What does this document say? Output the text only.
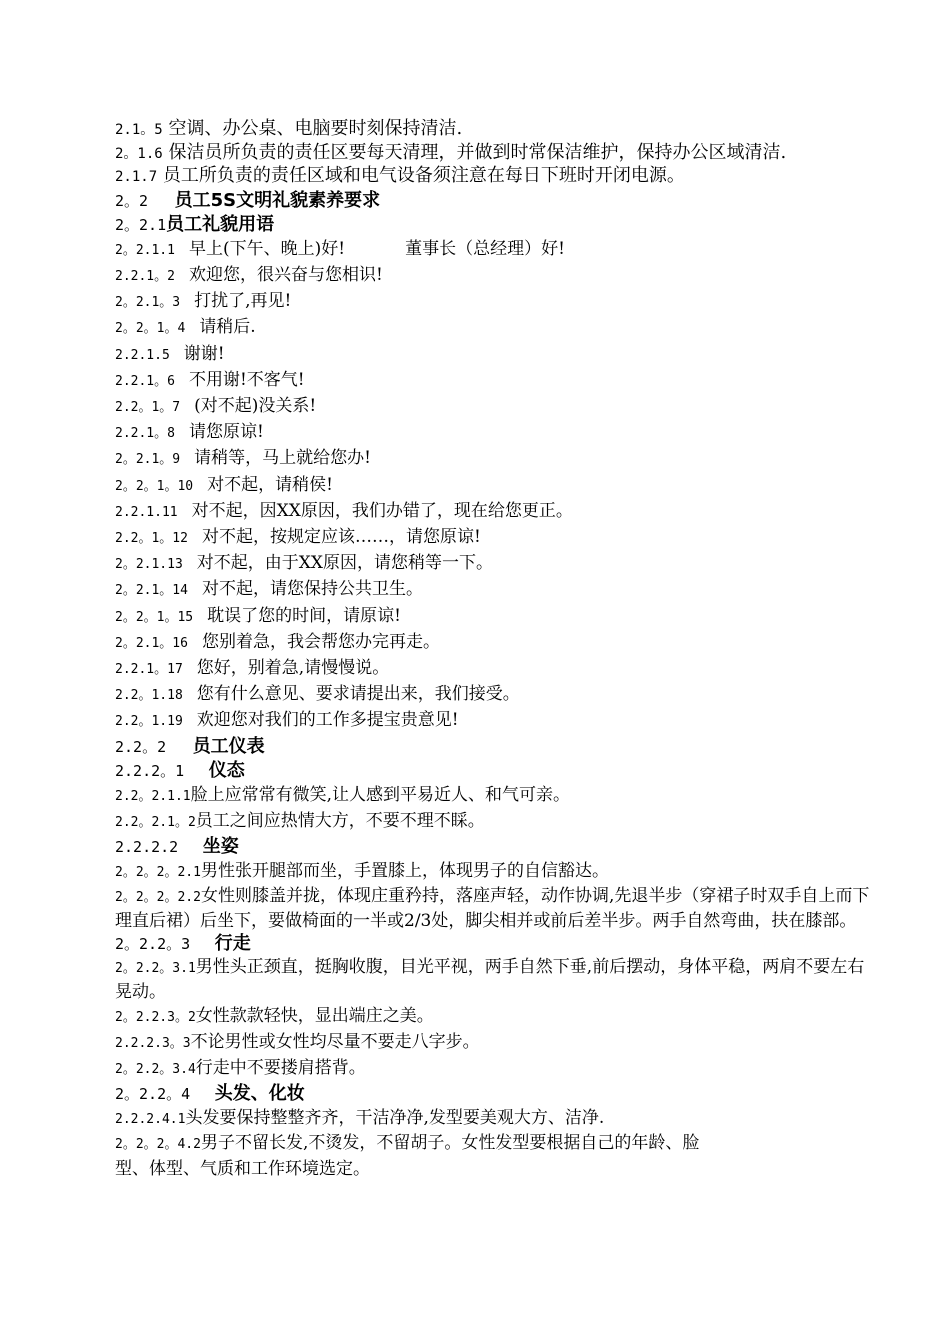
2.1。5 空调、办公桌、电脑要时刻保持清洁.
2。1.6 保洁员所负责的责任区要每天清理，并做到时常保洁维护，保持办公区域清洁.
2.1.7 员工所负责的责任区域和电气设备须注意在每日下班时开闭电源。
2。2 员工5S文明礼貌素养要求
2。2.1员工礼貌用语
2。2.1.1 早上(下午、晚上)好!	董事长（总经理）好!
2.2.1。2 欢迎您，很兴奋与您相识!
2。2.1。3 打扰了,再见!
2。2。1。4 请稍后.
2.2.1.5 谢谢!
2.2.1。6 不用谢!不客气!
2.2。1。7 (对不起)没关系!
2.2.1。8 请您原谅!
2。2.1。9 请稍等，马上就给您办!
2。2。1。10 对不起，请稍侯!
2.2.1.11 对不起，因XX原因，我们办错了，现在给您更正。
2.2。1。12 对不起，按规定应该……，请您原谅!
2。2.1.13 对不起，由于XX原因，请您稍等一下。
2。2.1。14 对不起，请您保持公共卫生。
2。2。1。15 耽误了您的时间，请原谅!
2。2.1。16 您别着急，我会帮您办完再走。
2.2.1。17 您好，别着急,请慢慢说。
2.2。1.18 您有什么意见、要求请提出来，我们接受。
2.2。1.19 欢迎您对我们的工作多提宝贵意见!
2.2。2 员工仪表
2.2.2。1 仪态
2.2。2.1.1脸上应常常有微笑,让人感到平易近人、和气可亲。
2.2。2.1。2员工之间应热情大方，不要不理不睬。
2.2.2.2 坐姿
2。2。2。2.1男性张开腿部而坐，手置膝上，体现男子的自信豁达。
2。2。2。2.2女性则膝盖并拢，体现庄重矜持，落座声轻，动作协调,先退半步（穿裙子时双手自上而下理直后裙）后坐下，要做椅面的一半或2/3处，脚尖相并或前后差半步。两手自然弯曲，扶在膝部。
2。2.2。3 行走
2。2.2。3.1男性头正颈直，挺胸收腹，目光平视，两手自然下垂,前后摆动，身体平稳，两肩不要左右晃动。
2。2.2.3。2女性款款轻快，显出端庄之美。
2.2.2.3。3不论男性或女性均尽量不要走八字步。
2。2.2。3.4行走中不要搂肩搭背。
2。2.2。4 头发、化妆
2.2.2.4.1头发要保持整整齐齐，干洁净净,发型要美观大方、洁净.
2。2。2。4.2男子不留长发,不烫发，不留胡子。女性发型要根据自己的年龄、脸
型、体型、气质和工作环境选定。
